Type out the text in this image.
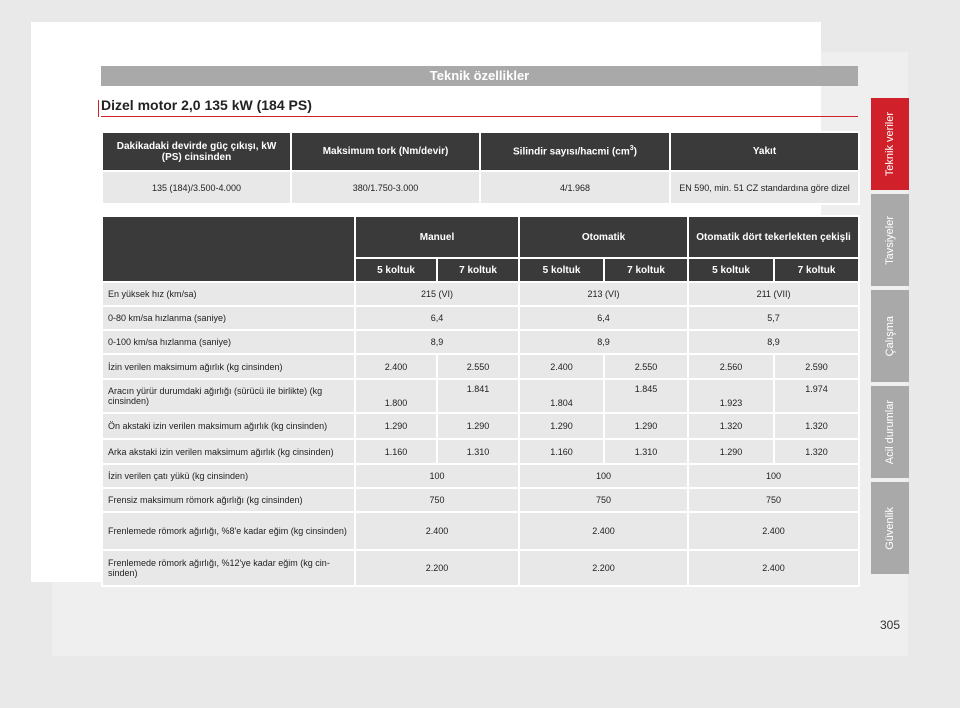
Teknik özellikler
Dizel motor 2,0 135 kW (184 PS)
Teknik veriler
Tavsiyeler
Çalışma
Acil durumlar
Güvenlik
305
Dakikadaki devirde güç çıkışı, kW (PS) cinsinden	Maksimum tork (Nm/devir)	Silindir sayısı/hacmi $(cm^3)$	Yakıt
135 (184)/3.500-4.000	380/1.750-3.000	4/1.968	EN 590, min. 51 CZ standardına göre dizel
	Manuel		Otomatik		Otomatik dört tekerlekten çekişli	
	5 koltuk	7 koltuk	5 koltuk	7 koltuk	5 koltuk	7 koltuk
En yüksek hız (km/sa)	215 (VI)		213 (VI)		211 (VII)	
0-80 km/sa hızlanma (saniye)	6,4		6,4		5,7	
0-100 km/sa hızlanma (saniye)	8,9		8,9		8,9	
İzin verilen maksimum ağırlık (kg cinsinden)	2.400	2.550	2.400	2.550	2.560	2.590
Aracın yürür durumdaki ağırlığı (sürücü ile birlikte) (kg cinsinden)	1.800	1.841	1.804	1.845	1.923	1.974
Ön akstaki izin verilen maksimum ağırlık (kg cinsinden)	1.290	1.290	1.290	1.290	1.320	1.320
Arka akstaki izin verilen maksimum ağırlık (kg cinsinden)	1.160	1.310	1.160	1.310	1.290	1.320
İzin verilen çatı yükü (kg cinsinden)	100		100		100	
Frensiz maksimum römork ağırlığı (kg cinsinden)	750		750		750	
Frenlemede römork ağırlığı, %8'e kadar eğim (kg cinsinden)	2.400		2.400		2.400	
Frenlemede römork ağırlığı, %12'ye kadar eğim (kg cinsinden)	2.200		2.200		2.400	
